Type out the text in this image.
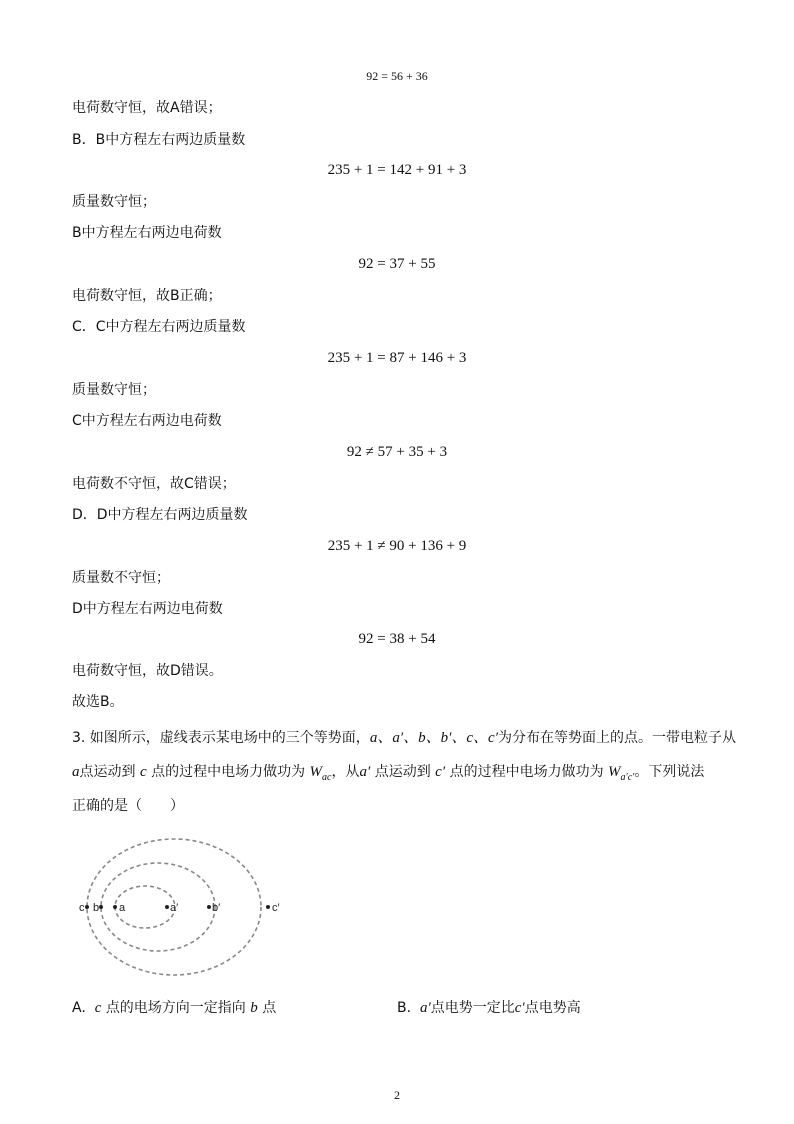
92 = 56 + 36
电荷数守恒，故A错误；
B．B中方程左右两边质量数
235 + 1 = 142 + 91 + 3
质量数守恒；
B中方程左右两边电荷数
92 = 37 + 55
电荷数守恒，故B正确；
C．C中方程左右两边质量数
235 + 1 = 87 + 146 + 3
质量数守恒；
C中方程左右两边电荷数
92 ≠ 57 + 35 + 3
电荷数不守恒，故C错误；
D．D中方程左右两边质量数
235 + 1 ≠ 90 + 136 + 9
质量数不守恒；
D中方程左右两边电荷数
92 = 38 + 54
电荷数守恒，故D错误。
故选B。
3. 如图所示，虚线表示某电场中的三个等势面，a、a′、b、b′、c、c′为分布在等势面上的点。一带电粒子从
a点运动到 c 点的过程中电场力做功为 $W_{ac}$，从a′ 点运动到 c′ 点的过程中电场力做功为 $W_{a'c'}$。下列说法
正确的是（　　）
c b a	a′	b′	c′
A. c 点的电场方向一定指向 b 点	B. a′点电势一定比c′点电势高
2
